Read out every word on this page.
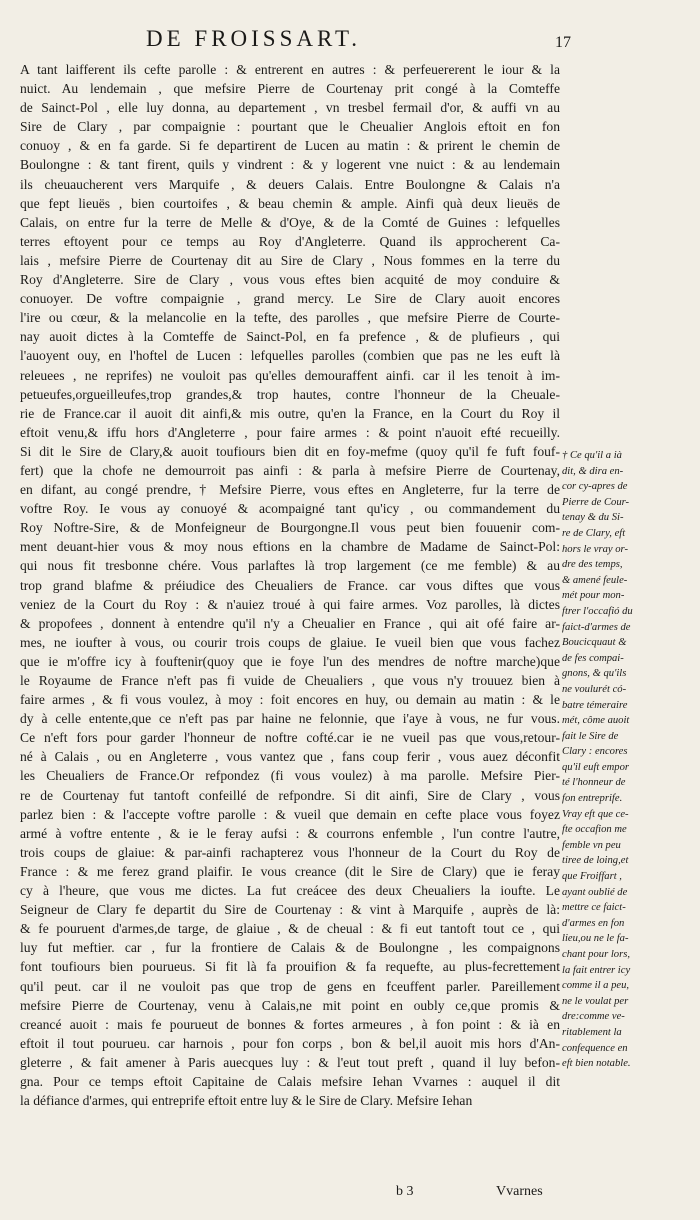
DE FROISSART.	17
A tant laifferent ils cefte parolle : & entrerent en autres : & perfeuererent le iour & la
nuict. Au lendemain , que mefsire Pierre de Courtenay prit congé à la Comteffe
de Sainct-Pol , elle luy donna, au departement , vn tresbel fermail d'or, & auffi vn au
Sire de Clary , par compaignie : pourtant que le Cheualier Anglois eftoit en fon
conuoy , & en fa garde. Si fe departirent de Lucen au matin : & prirent le chemin de
Boulongne : & tant firent, quils y vindrent : & y logerent vne nuict : & au lendemain
ils cheuaucherent vers Marquife , & deuers Calais. Entre Boulongne & Calais n'a
que fept lieuës , bien courtoifes , & beau chemin & ample. Ainfi quà deux lieuës de
Calais, on entre fur la terre de Melle & d'Oye, & de la Comté de Guines : lefquelles
terres eftoyent pour ce temps au Roy d'Angleterre. Quand ils approcherent Ca-
lais , mefsire Pierre de Courtenay dit au Sire de Clary , Nous fommes en la terre du
Roy d'Angleterre. Sire de Clary , vous vous eftes bien acquité de moy conduire &
conuoyer. De voftre compaignie , grand mercy. Le Sire de Clary auoit encores
l'ire ou cœur, & la melancolie en la tefte, des parolles , que mefsire Pierre de Courte-
nay auoit dictes à la Comteffe de Sainct-Pol, en fa prefence , & de plufieurs , qui
l'auoyent ouy, en l'hoftel de Lucen : lefquelles parolles (combien que pas ne les euft là
releuees , ne reprifes) ne vouloit pas qu'elles demouraffent ainfi. car il les tenoit à im-
petueufes,orgueilleufes,trop grandes,& trop hautes, contre l'honneur de la Cheuale-
rie de France.car il auoit dit ainfi,& mis outre, qu'en la France, en la Court du Roy il
eftoit venu,& iffu hors d'Angleterre , pour faire armes : & point n'auoit efté recueilly.
Si dit le Sire de Clary,& auoit toufiours bien dit en foy-mefme (quoy qu'il fe fuft fouf-
fert) que la chofe ne demourroit pas ainfi : & parla à mefsire Pierre de Courtenay,
en difant, au congé prendre, † Mefsire Pierre, vous eftes en Angleterre, fur la terre de
voftre Roy. Ie vous ay conuoyé & acompaigné tant qu'icy , ou commandement du
Roy Noftre-Sire, & de Monfeigneur de Bourgongne.Il vous peut bien fouuenir com-
ment deuant-hier vous & moy nous eftions en la chambre de Madame de Sainct-Pol:
qui nous fit tresbonne chére. Vous parlaftes là trop largement (ce me femble) & au
trop grand blafme & préiudice des Cheualiers de France. car vous diftes que vous
veniez de la Court du Roy : & n'auiez troué à qui faire armes. Voz parolles, là dictes
& propofees , donnent à entendre qu'il n'y a Cheualier en France , qui ait ofé faire ar-
mes, ne ioufter à vous, ou courir trois coups de glaiue. Ie vueil bien que vous fachez
que ie m'offre icy à fouftenir(quoy que ie foye l'un des mendres de noftre marche)que
le Royaume de France n'eft pas fi vuide de Cheualiers , que vous n'y trouuez bien à
faire armes , & fi vous voulez, à moy : foit encores en huy, ou demain au matin : & le
dy à celle entente,que ce n'eft pas par haine ne felonnie, que i'aye à vous, ne fur vous.
Ce n'eft fors pour garder l'honneur de noftre cofté.car ie ne vueil pas que vous,retour-
né à Calais , ou en Angleterre , vous vantez que , fans coup ferir , vous auez déconfit
les Cheualiers de France.Or refpondez (fi vous voulez) à ma parolle. Mefsire Pier-
re de Courtenay fut tantoft confeillé de refpondre. Si dit ainfi, Sire de Clary , vous
parlez bien : & l'accepte voftre parolle : & vueil que demain en cefte place vous foyez
armé à voftre entente , & ie le feray aufsi : & courrons enfemble , l'un contre l'autre,
trois coups de glaiue: & par-ainfi rachapterez vous l'honneur de la Court du Roy de
France : & me ferez grand plaifir. Ie vous creance (dit le Sire de Clary) que ie feray
cy à l'heure, que vous me dictes. La fut creácee des deux Cheualiers la ioufte. Le
Seigneur de Clary fe departit du Sire de Courtenay : & vint à Marquife , auprès de là:
& fe pouruent d'armes,de targe, de glaiue , & de cheual : & fi eut tantoft tout ce , qui
luy fut meftier. car , fur la frontiere de Calais & de Boulongne , les compaignons
font toufiours bien pourueus. Si fit là fa prouifion & fa requefte, au plus-fecrettement
qu'il peut. car il ne vouloit pas que trop de gens en fceuffent parler. Pareillement
mefsire Pierre de Courtenay, venu à Calais,ne mit point en oubly ce,que promis &
creancé auoit : mais fe pourueut de bonnes & fortes armeures , à fon point : & ià en
eftoit il tout pourueu. car harnois , pour fon corps , bon & bel,il auoit mis hors d'An-
gleterre , & fait amener à Paris auecques luy : & l'eut tout preft , quand il luy befon-
gna. Pour ce temps eftoit Capitaine de Calais mefsire Iehan Vvarnes : auquel il dit
la défiance d'armes, qui entreprife eftoit entre luy & le Sire de Clary. Mefsire Iehan
† Ce qu'il a ià
dit, & dira en-
cor cy-apres de
Pierre de Cour-
tenay & du Si-
re de Clary, eft
hors le vray or-
dre des temps,
& amené feule-
mét pour mon-
ftrer l'occafió du
faict-d'armes de
Boucicquaut &
de fes compai-
gnons, & qu'ils
ne voulurét có-
batre témeraire
mét, côme auoit
fait le Sire de
Clary : encores
qu'il euft empor
té l'honneur de
fon entreprife.
Vray eft que ce-
fte occafion me
femble vn peu
tiree de loing,et
que Froiffart ,
ayant oublié de
mettre ce faict-
d'armes en fon
lieu,ou ne le fa-
chant pour lors,
la fait entrer icy
comme il a peu,
ne le voulat per
dre:comme ve-
ritablement la
confequence en
eft bien notable.
b 3	Vvarnes
